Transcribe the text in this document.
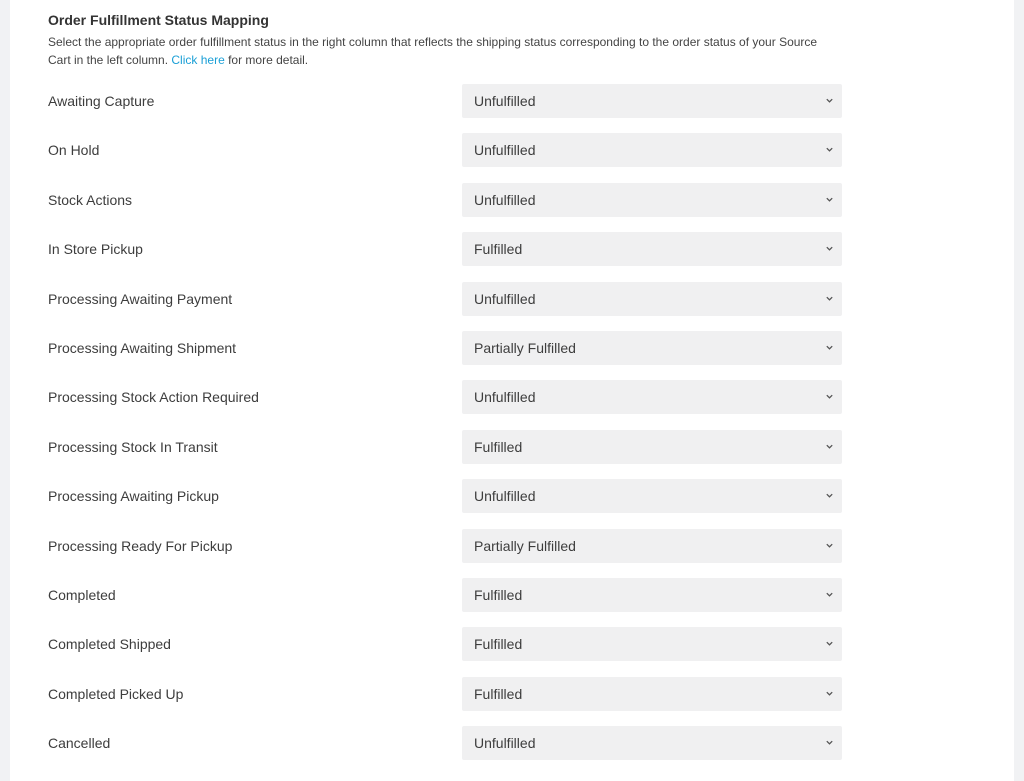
Order Fulfillment Status Mapping

Select the appropriate order fulfillment status in the right column that reflects the shipping status corresponding to the order status of your Source Cart in the left column. Click here for more detail.

Awaiting Capture	Unfulfilled
On Hold	Unfulfilled
Stock Actions	Unfulfilled
In Store Pickup	Fulfilled
Processing Awaiting Payment	Unfulfilled
Processing Awaiting Shipment	Partially Fulfilled
Processing Stock Action Required	Unfulfilled
Processing Stock In Transit	Fulfilled
Processing Awaiting Pickup	Unfulfilled
Processing Ready For Pickup	Partially Fulfilled
Completed	Fulfilled
Completed Shipped	Fulfilled
Completed Picked Up	Fulfilled
Cancelled	Unfulfilled
